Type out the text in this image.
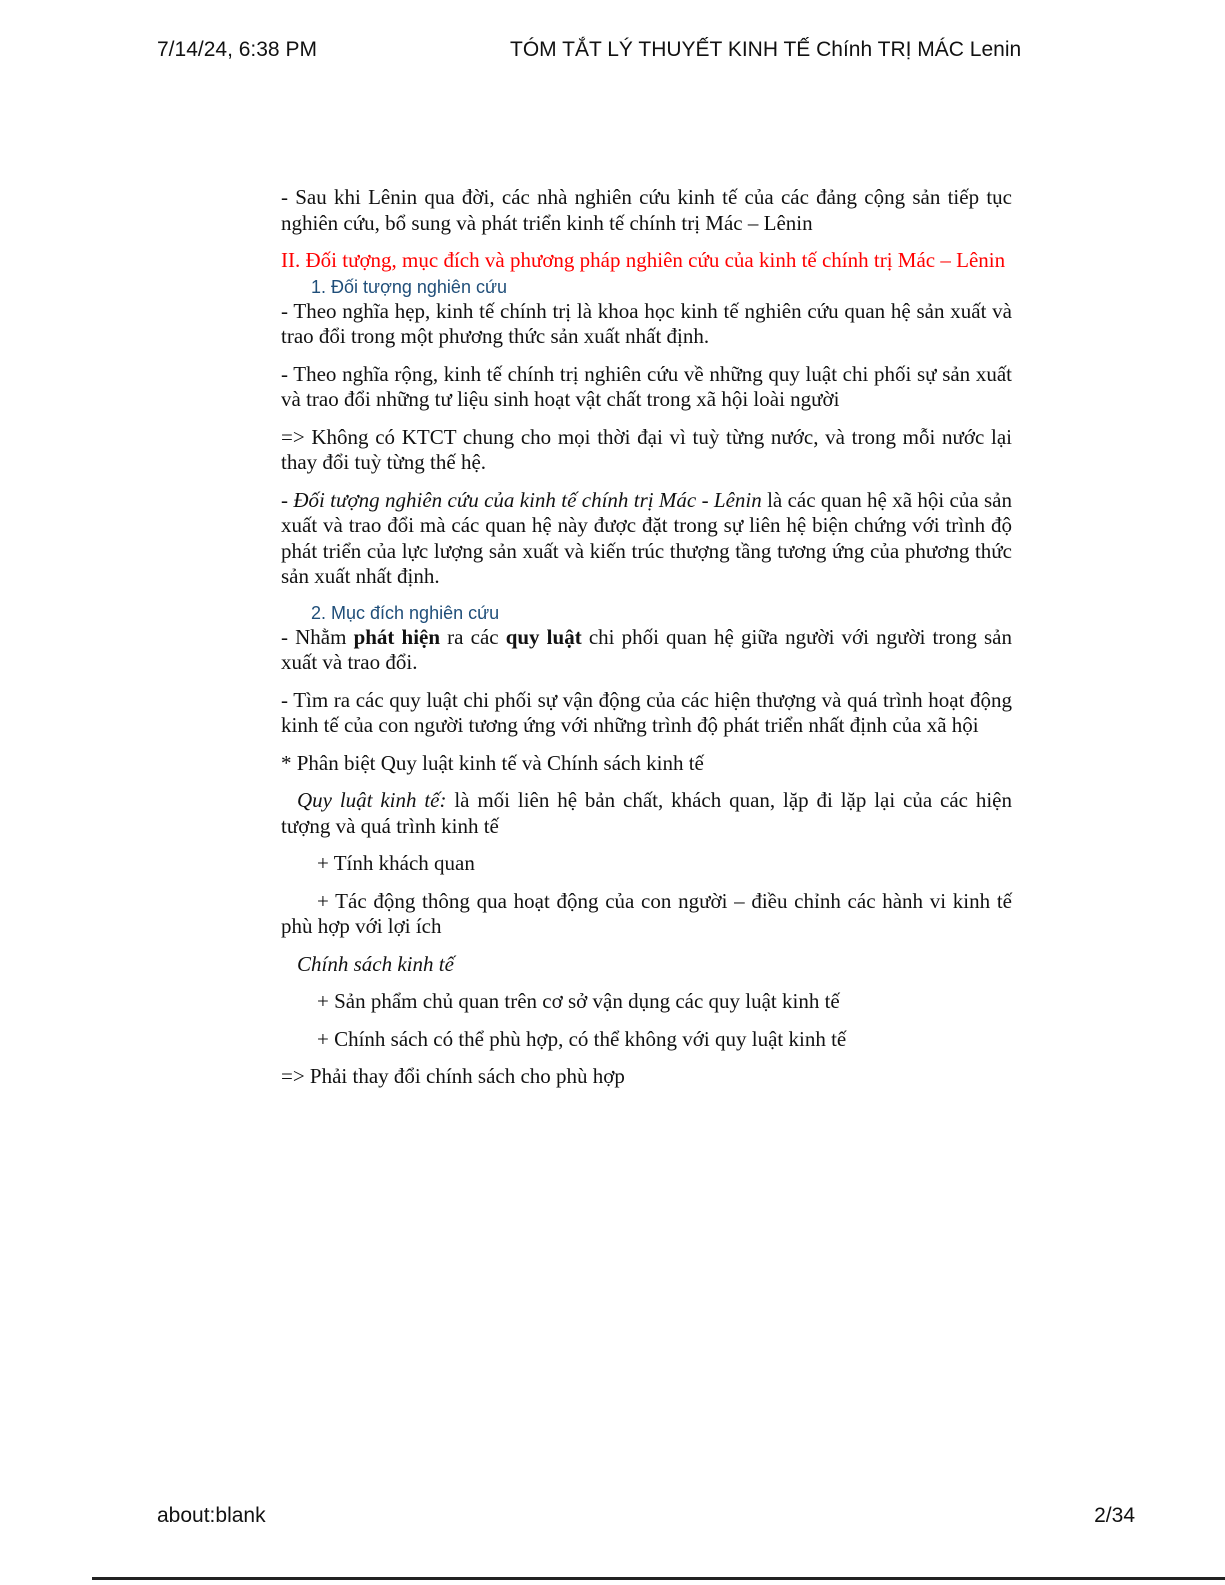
7/14/24, 6:38 PM	TÓM TẮT LÝ THUYẾT KINH TẾ Chính TRỊ MÁC Lenin

- Sau khi Lênin qua đời, các nhà nghiên cứu kinh tế của các đảng cộng sản tiếp tục nghiên cứu, bổ sung và phát triển kinh tế chính trị Mác – Lênin

II. Đối tượng, mục đích và phương pháp nghiên cứu của kinh tế chính trị Mác – Lênin

1. Đối tượng nghiên cứu

- Theo nghĩa hẹp, kinh tế chính trị là khoa học kinh tế nghiên cứu quan hệ sản xuất và trao đổi trong một phương thức sản xuất nhất định.

- Theo nghĩa rộng, kinh tế chính trị nghiên cứu về những quy luật chi phối sự sản xuất và trao đổi những tư liệu sinh hoạt vật chất trong xã hội loài người

=> Không có KTCT chung cho mọi thời đại vì tuỳ từng nước, và trong mỗi nước lại thay đổi tuỳ từng thế hệ.

- Đối tượng nghiên cứu của kinh tế chính trị Mác - Lênin là các quan hệ xã hội của sản xuất và trao đổi mà các quan hệ này được đặt trong sự liên hệ biện chứng với trình độ phát triển của lực lượng sản xuất và kiến trúc thượng tầng tương ứng của phương thức sản xuất nhất định.

2. Mục đích nghiên cứu

- Nhằm phát hiện ra các quy luật chi phối quan hệ giữa người với người trong sản xuất và trao đổi.

- Tìm ra các quy luật chi phối sự vận động của các hiện thượng và quá trình hoạt động kinh tế của con người tương ứng với những trình độ phát triển nhất định của xã hội

* Phân biệt Quy luật kinh tế và Chính sách kinh tế

Quy luật kinh tế: là mối liên hệ bản chất, khách quan, lặp đi lặp lại của các hiện tượng và quá trình kinh tế

+ Tính khách quan

+ Tác động thông qua hoạt động của con người – điều chỉnh các hành vi kinh tế phù hợp với lợi ích

Chính sách kinh tế

+ Sản phẩm chủ quan trên cơ sở vận dụng các quy luật kinh tế

+ Chính sách có thể phù hợp, có thể không với quy luật kinh tế

=> Phải thay đổi chính sách cho phù hợp

about:blank	2/34
